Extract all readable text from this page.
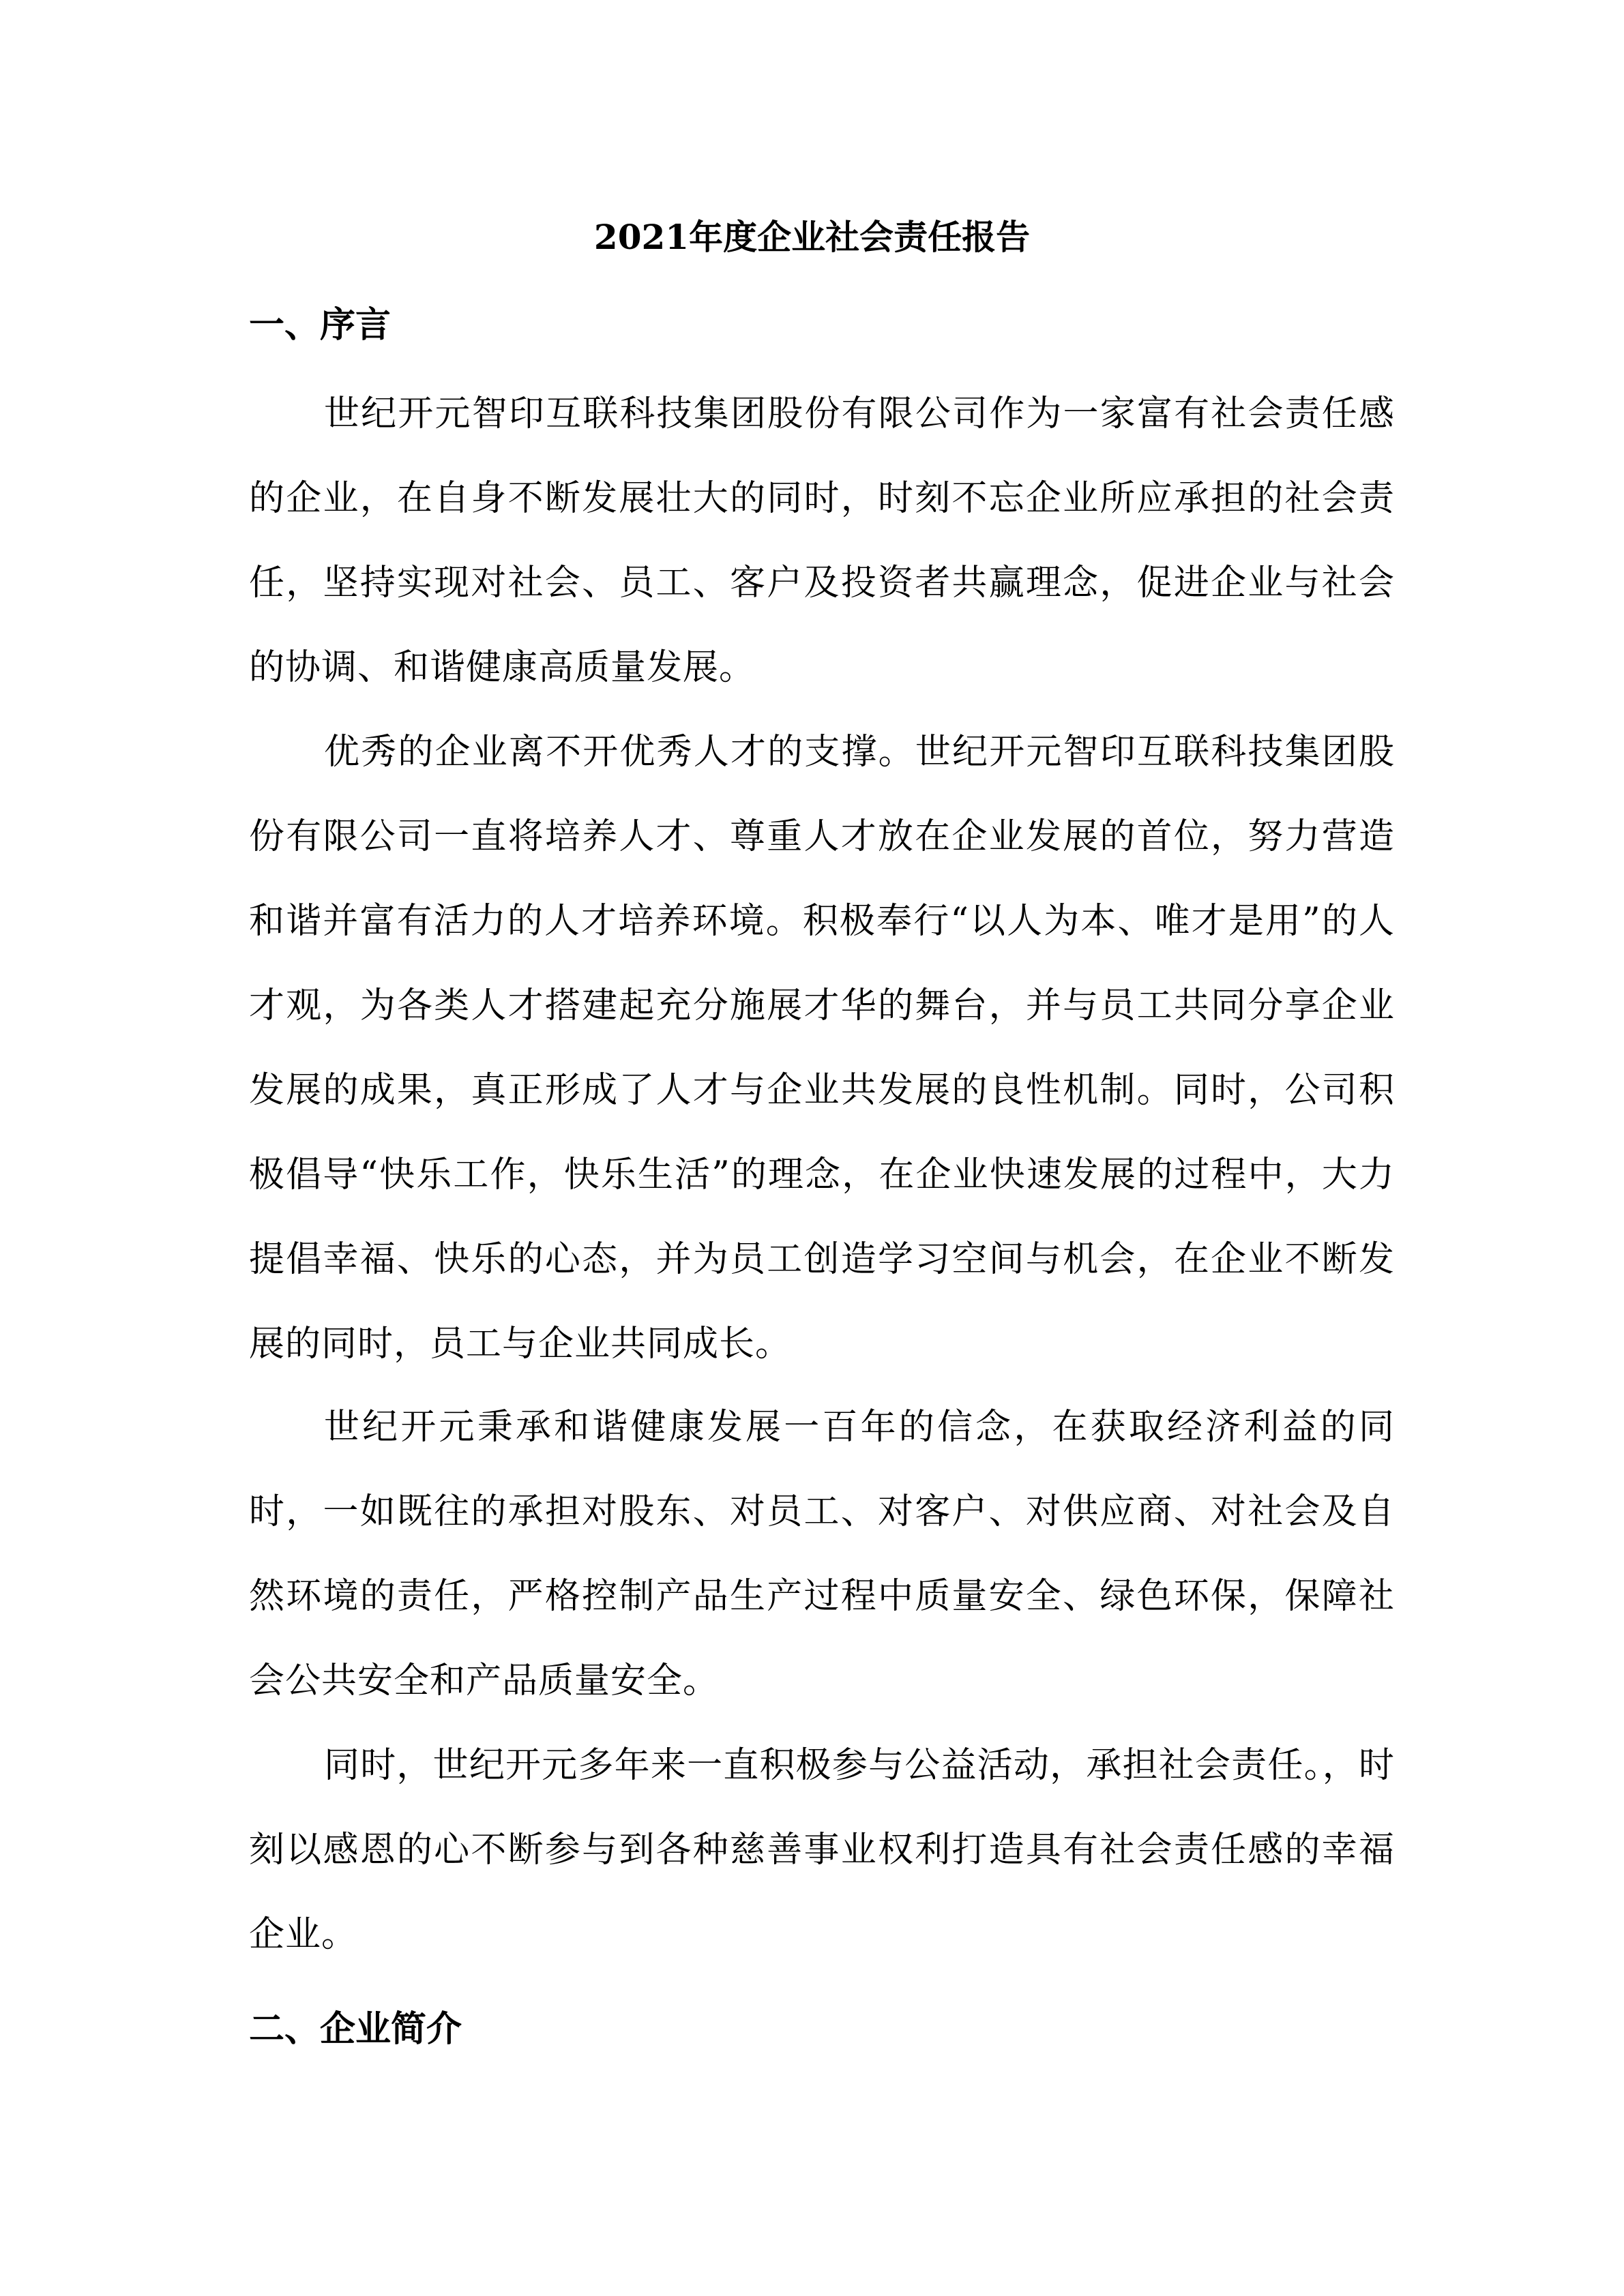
2021年度企业社会责任报告
一、序言
世纪开元智印互联科技集团股份有限公司作为一家富有社会责任感的企业，在自身不断发展壮大的同时，时刻不忘企业所应承担的社会责任，坚持实现对社会、员工、客户及投资者共赢理念，促进企业与社会的协调、和谐健康高质量发展。
优秀的企业离不开优秀人才的支撑。世纪开元智印互联科技集团股份有限公司一直将培养人才、尊重人才放在企业发展的首位，努力营造和谐并富有活力的人才培养环境。积极奉行“以人为本、唯才是用”的人才观，为各类人才搭建起充分施展才华的舞台，并与员工共同分享企业发展的成果，真正形成了人才与企业共发展的良性机制。同时，公司积极倡导“快乐工作，快乐生活”的理念，在企业快速发展的过程中，大力提倡幸福、快乐的心态，并为员工创造学习空间与机会，在企业不断发展的同时，员工与企业共同成长。
世纪开元秉承和谐健康发展一百年的信念，在获取经济利益的同时，一如既往的承担对股东、对员工、对客户、对供应商、对社会及自然环境的责任，严格控制产品生产过程中质量安全、绿色环保，保障社会公共安全和产品质量安全。
同时，世纪开元多年来一直积极参与公益活动，承担社会责任。，时刻以感恩的心不断参与到各种慈善事业权利打造具有社会责任感的幸福企业。
二、企业简介
